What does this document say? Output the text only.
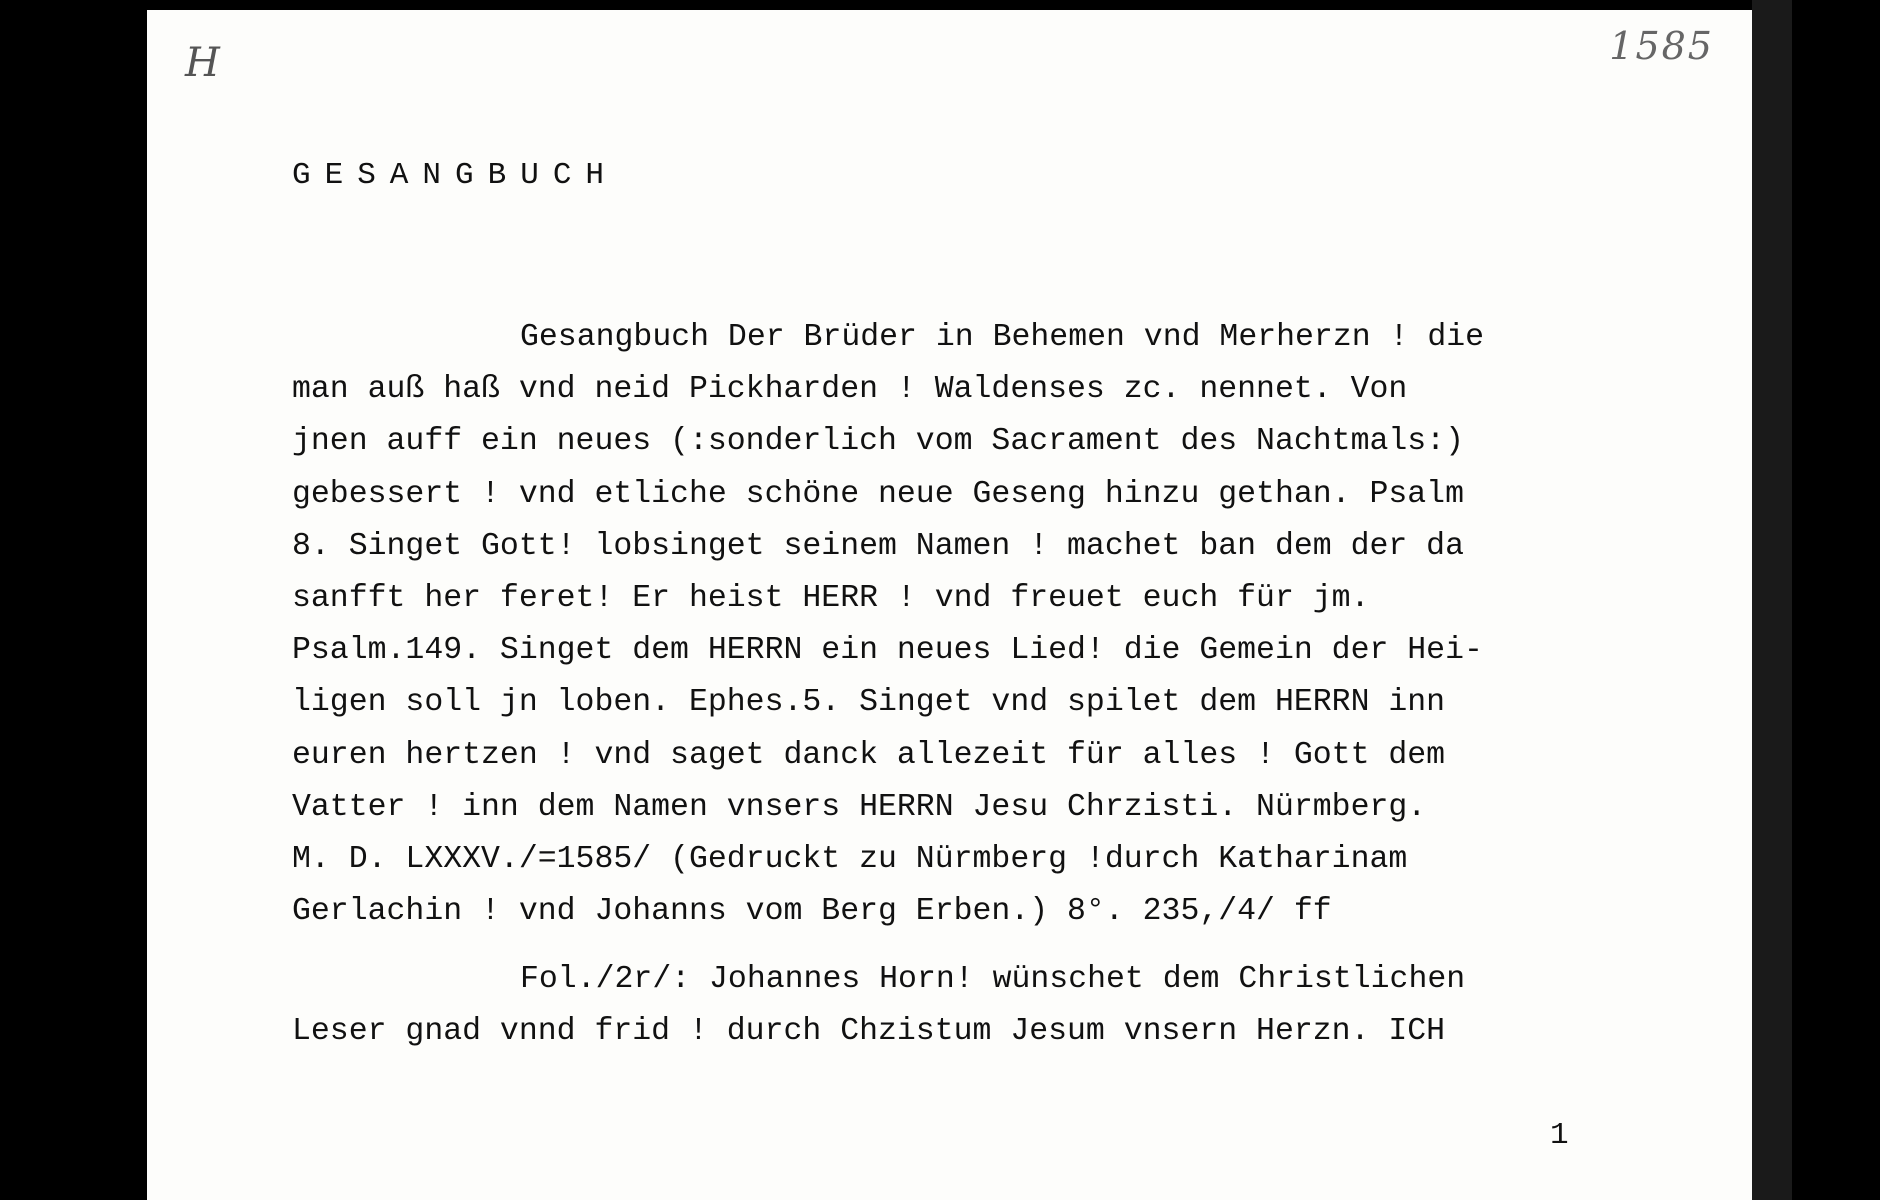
H	1585
GESANGBUCH
Gesangbuch Der Brüder in Behemen vnd Merherzn ! die
man auß haß vnd neid Pickharden ! Waldenses zc. nennet. Von
jnen auff ein neues (:sonderlich vom Sacrament des Nachtmals:)
gebessert ! vnd etliche schöne neue Geseng hinzu gethan. Psalm
8. Singet Gott! lobsinget seinem Namen ! machet ban dem der da
sanfft her feret! Er heist HERR ! vnd freuet euch für jm.
Psalm.149. Singet dem HERRN ein neues Lied! die Gemein der Hei-
ligen soll jn loben. Ephes.5. Singet vnd spilet dem HERRN inn
euren hertzen ! vnd saget danck allezeit für alles ! Gott dem
Vatter ! inn dem Namen vnsers HERRN Jesu Chrzisti. Nürmberg.
M. D. LXXXV./=1585/ (Gedruckt zu Nürmberg !durch Katharinam
Gerlachin ! vnd Johanns vom Berg Erben.) 8°. 235,/4/ ff
Fol./2r/: Johannes Horn! wünschet dem Christlichen
Leser gnad vnnd frid ! durch Chzistum Jesum vnsern Herzn. ICH
1
